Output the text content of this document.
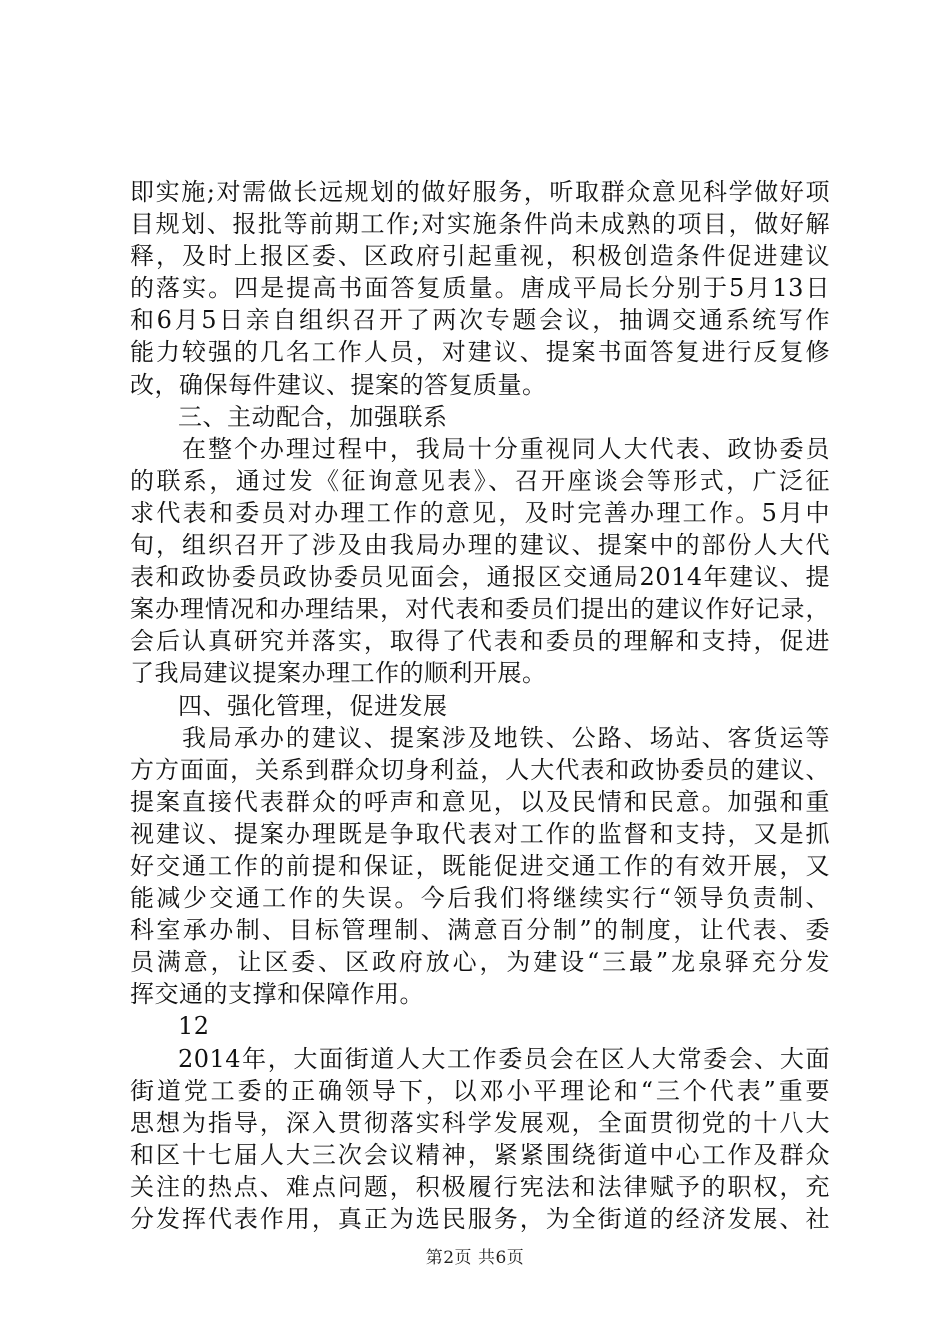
即实施;对需做长远规划的做好服务，听取群众意见科学做好项
目规划、报批等前期工作;对实施条件尚未成熟的项目，做好解
释，及时上报区委、区政府引起重视，积极创造条件促进建议
的落实。四是提高书面答复质量。唐成平局长分别于5月13日
和6月5日亲自组织召开了两次专题会议，抽调交通系统写作
能力较强的几名工作人员，对建议、提案书面答复进行反复修
改，确保每件建议、提案的答复质量。
三、主动配合，加强联系
在整个办理过程中，我局十分重视同人大代表、政协委员
的联系，通过发《征询意见表》、召开座谈会等形式，广泛征
求代表和委员对办理工作的意见，及时完善办理工作。5月中
旬，组织召开了涉及由我局办理的建议、提案中的部份人大代
表和政协委员政协委员见面会，通报区交通局2014年建议、提
案办理情况和办理结果，对代表和委员们提出的建议作好记录，
会后认真研究并落实，取得了代表和委员的理解和支持，促进
了我局建议提案办理工作的顺利开展。
四、强化管理，促进发展
我局承办的建议、提案涉及地铁、公路、场站、客货运等
方方面面，关系到群众切身利益，人大代表和政协委员的建议、
提案直接代表群众的呼声和意见，以及民情和民意。加强和重
视建议、提案办理既是争取代表对工作的监督和支持，又是抓
好交通工作的前提和保证，既能促进交通工作的有效开展，又
能减少交通工作的失误。今后我们将继续实行“领导负责制、
科室承办制、目标管理制、满意百分制”的制度，让代表、委
员满意，让区委、区政府放心，为建设“三最”龙泉驿充分发
挥交通的支撑和保障作用。
12
2014年，大面街道人大工作委员会在区人大常委会、大面
街道党工委的正确领导下，以邓小平理论和“三个代表”重要
思想为指导，深入贯彻落实科学发展观，全面贯彻党的十八大
和区十七届人大三次会议精神，紧紧围绕街道中心工作及群众
关注的热点、难点问题，积极履行宪法和法律赋予的职权，充
分发挥代表作用，真正为选民服务，为全街道的经济发展、社
第2页 共6页
